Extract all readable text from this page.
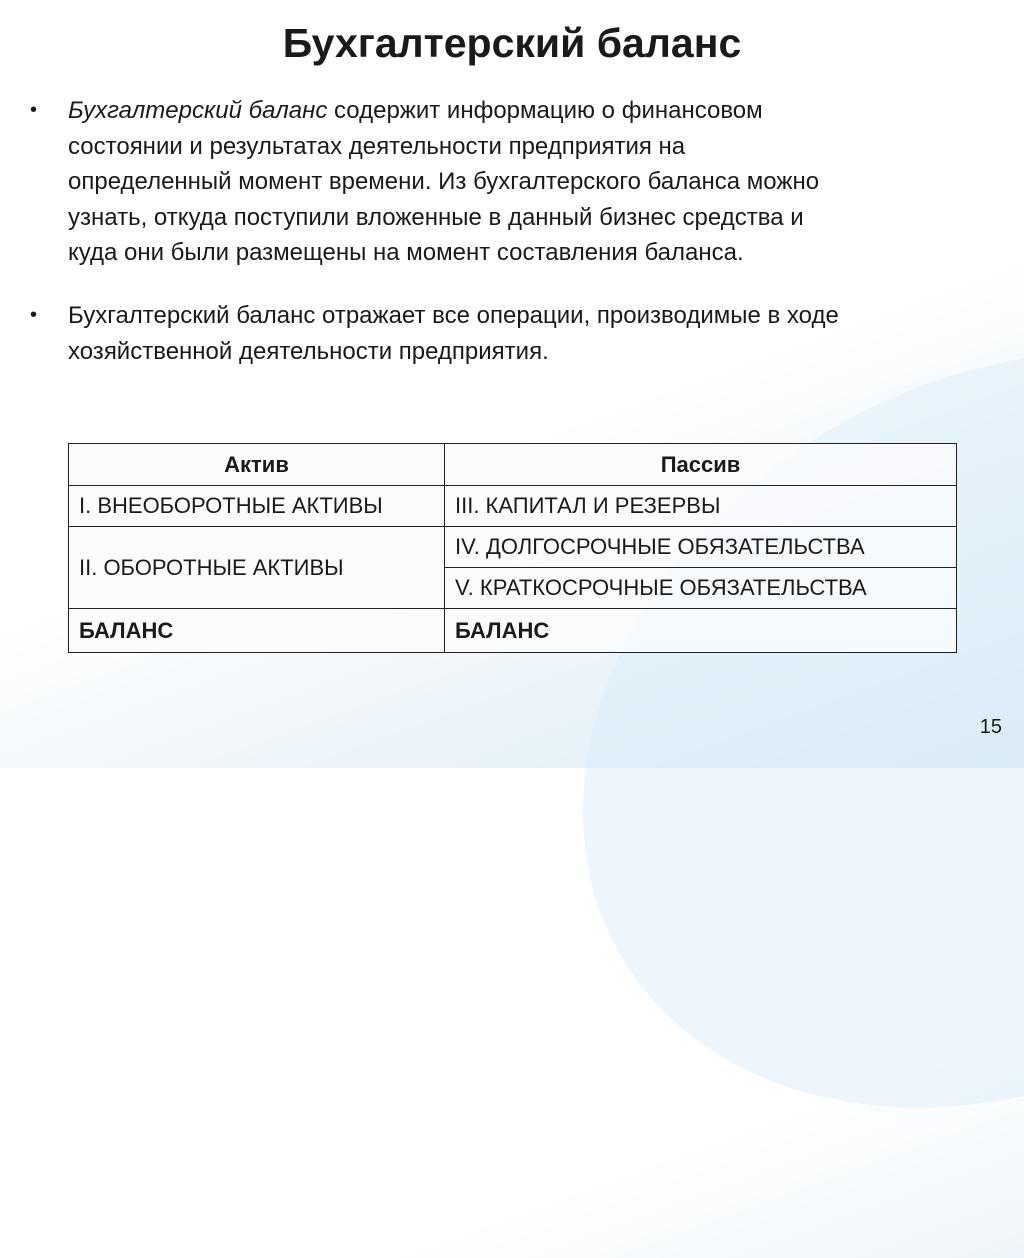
Бухгалтерский баланс
• Бухгалтерский баланс содержит информацию о финансовом
состоянии и результатах деятельности предприятия на
определенный момент времени. Из бухгалтерского баланса можно
узнать, откуда поступили вложенные в данный бизнес средства и
куда они были размещены на момент составления баланса.
• Бухгалтерский баланс отражает все операции, производимые в ходе
хозяйственной деятельности предприятия.
Актив	Пассив
I. ВНЕОБОРОТНЫЕ АКТИВЫ	III. КАПИТАЛ И РЕЗЕРВЫ
II. ОБОРОТНЫЕ АКТИВЫ	IV. ДОЛГОСРОЧНЫЕ ОБЯЗАТЕЛЬСТВА
	V. КРАТКОСРОЧНЫЕ ОБЯЗАТЕЛЬСТВА
БАЛАНС	БАЛАНС
15
